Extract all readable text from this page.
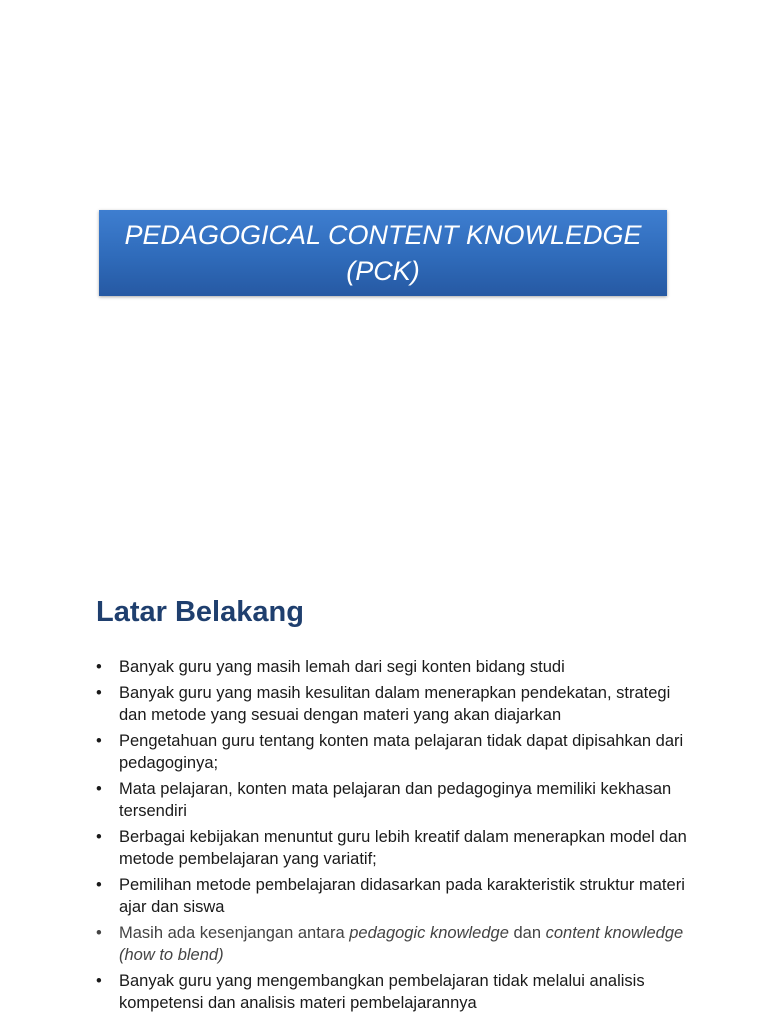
PEDAGOGICAL CONTENT KNOWLEDGE
(PCK)
Latar Belakang
• Banyak guru yang masih lemah dari segi konten bidang studi
• Banyak guru yang masih kesulitan dalam menerapkan pendekatan, strategi dan metode yang sesuai dengan materi yang akan diajarkan
• Pengetahuan guru tentang konten mata pelajaran tidak dapat dipisahkan dari pedagoginya;
• Mata pelajaran, konten mata pelajaran dan pedagoginya memiliki kekhasan tersendiri
• Berbagai kebijakan menuntut guru lebih kreatif dalam menerapkan model dan metode pembelajaran yang variatif;
• Pemilihan metode pembelajaran didasarkan pada karakteristik struktur materi ajar dan siswa
• Masih ada kesenjangan antara pedagogic knowledge dan content knowledge (how to blend)
• Banyak guru yang mengembangkan pembelajaran tidak melalui analisis kompetensi dan analisis materi pembelajarannya
